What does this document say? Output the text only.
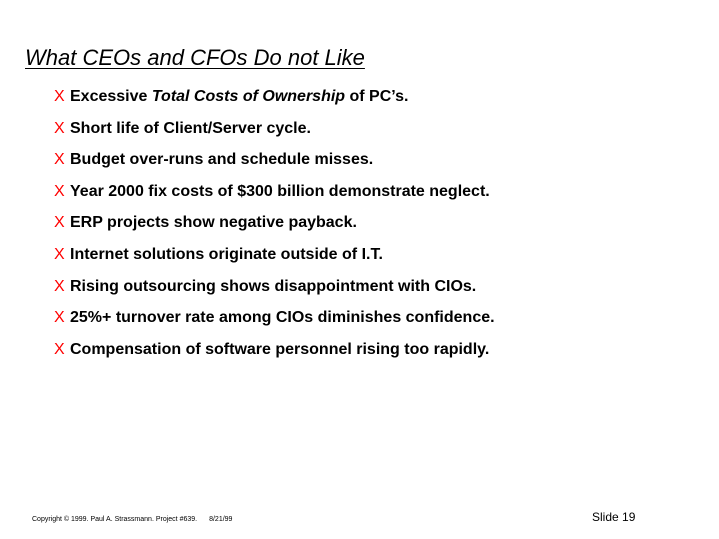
What CEOs and CFOs Do not Like
X Excessive Total Costs of Ownership of PC’s.
X Short life of Client/Server cycle.
X Budget over-runs and schedule misses.
X Year 2000 fix costs of $300 billion demonstrate neglect.
X ERP projects show negative payback.
X Internet solutions originate outside of I.T.
X Rising outsourcing shows disappointment with CIOs.
X 25%+ turnover rate among CIOs diminishes confidence.
X Compensation of software personnel rising too rapidly.
Copyright © 1999. Paul A. Strassmann. Project #639. 8/21/99	Slide 19
